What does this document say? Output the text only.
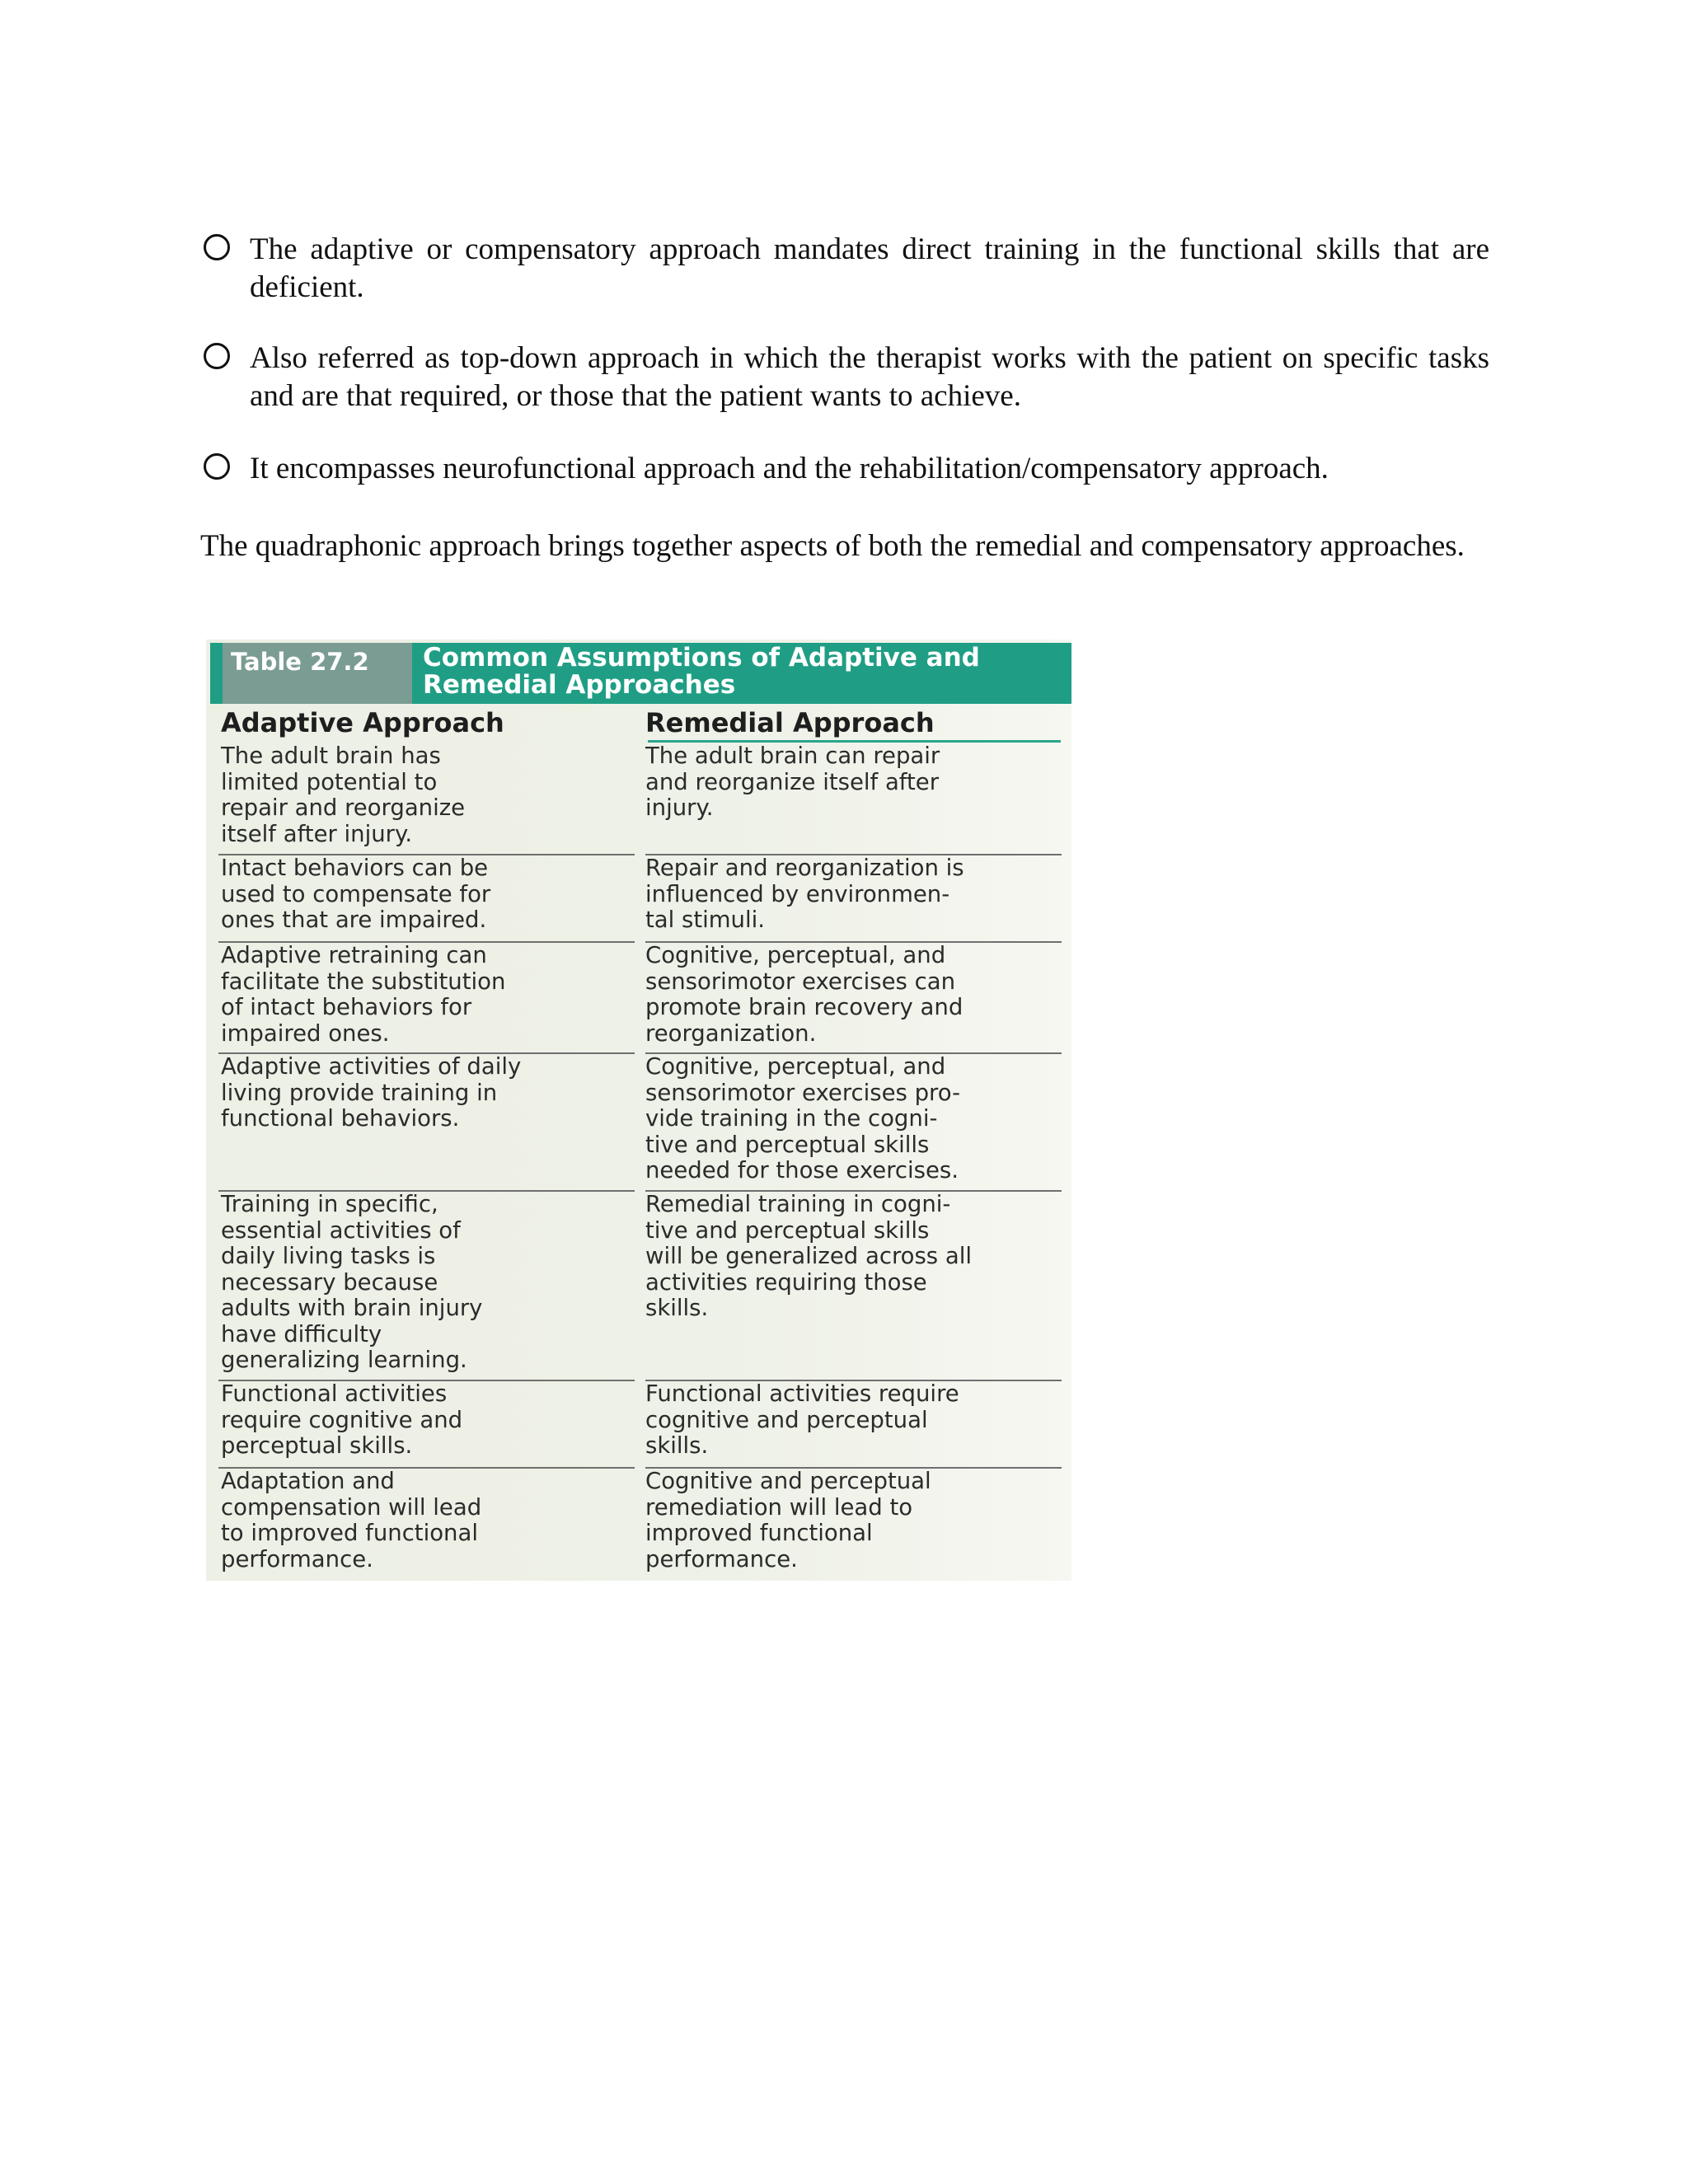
The adaptive or compensatory approach mandates direct training in the functional skills that are deficient.
Also referred as top-down approach in which the therapist works with the patient on specific tasks and are that required, or those that the patient wants to achieve.
It encompasses neurofunctional approach and the rehabilitation/compensatory approach.
The quadraphonic approach brings together aspects of both the remedial and compensatory approaches.
Table 27.2	Common Assumptions of Adaptive and Remedial Approaches
Adaptive Approach	Remedial Approach
The adult brain has
limited potential to
repair and reorganize
itself after injury.
The adult brain can repair
and reorganize itself after
injury.
Intact behaviors can be
used to compensate for
ones that are impaired.
Repair and reorganization is
influenced by environmen-
tal stimuli.
Adaptive retraining can
facilitate the substitution
of intact behaviors for
impaired ones.
Cognitive, perceptual, and
sensorimotor exercises can
promote brain recovery and
reorganization.
Adaptive activities of daily
living provide training in
functional behaviors.
Cognitive, perceptual, and
sensorimotor exercises pro-
vide training in the cogni-
tive and perceptual skills
needed for those exercises.
Training in specific,
essential activities of
daily living tasks is
necessary because
adults with brain injury
have difficulty
generalizing learning.
Remedial training in cogni-
tive and perceptual skills
will be generalized across all
activities requiring those
skills.
Functional activities
require cognitive and
perceptual skills.
Functional activities require
cognitive and perceptual
skills.
Adaptation and
compensation will lead
to improved functional
performance.
Cognitive and perceptual
remediation will lead to
improved functional
performance.
